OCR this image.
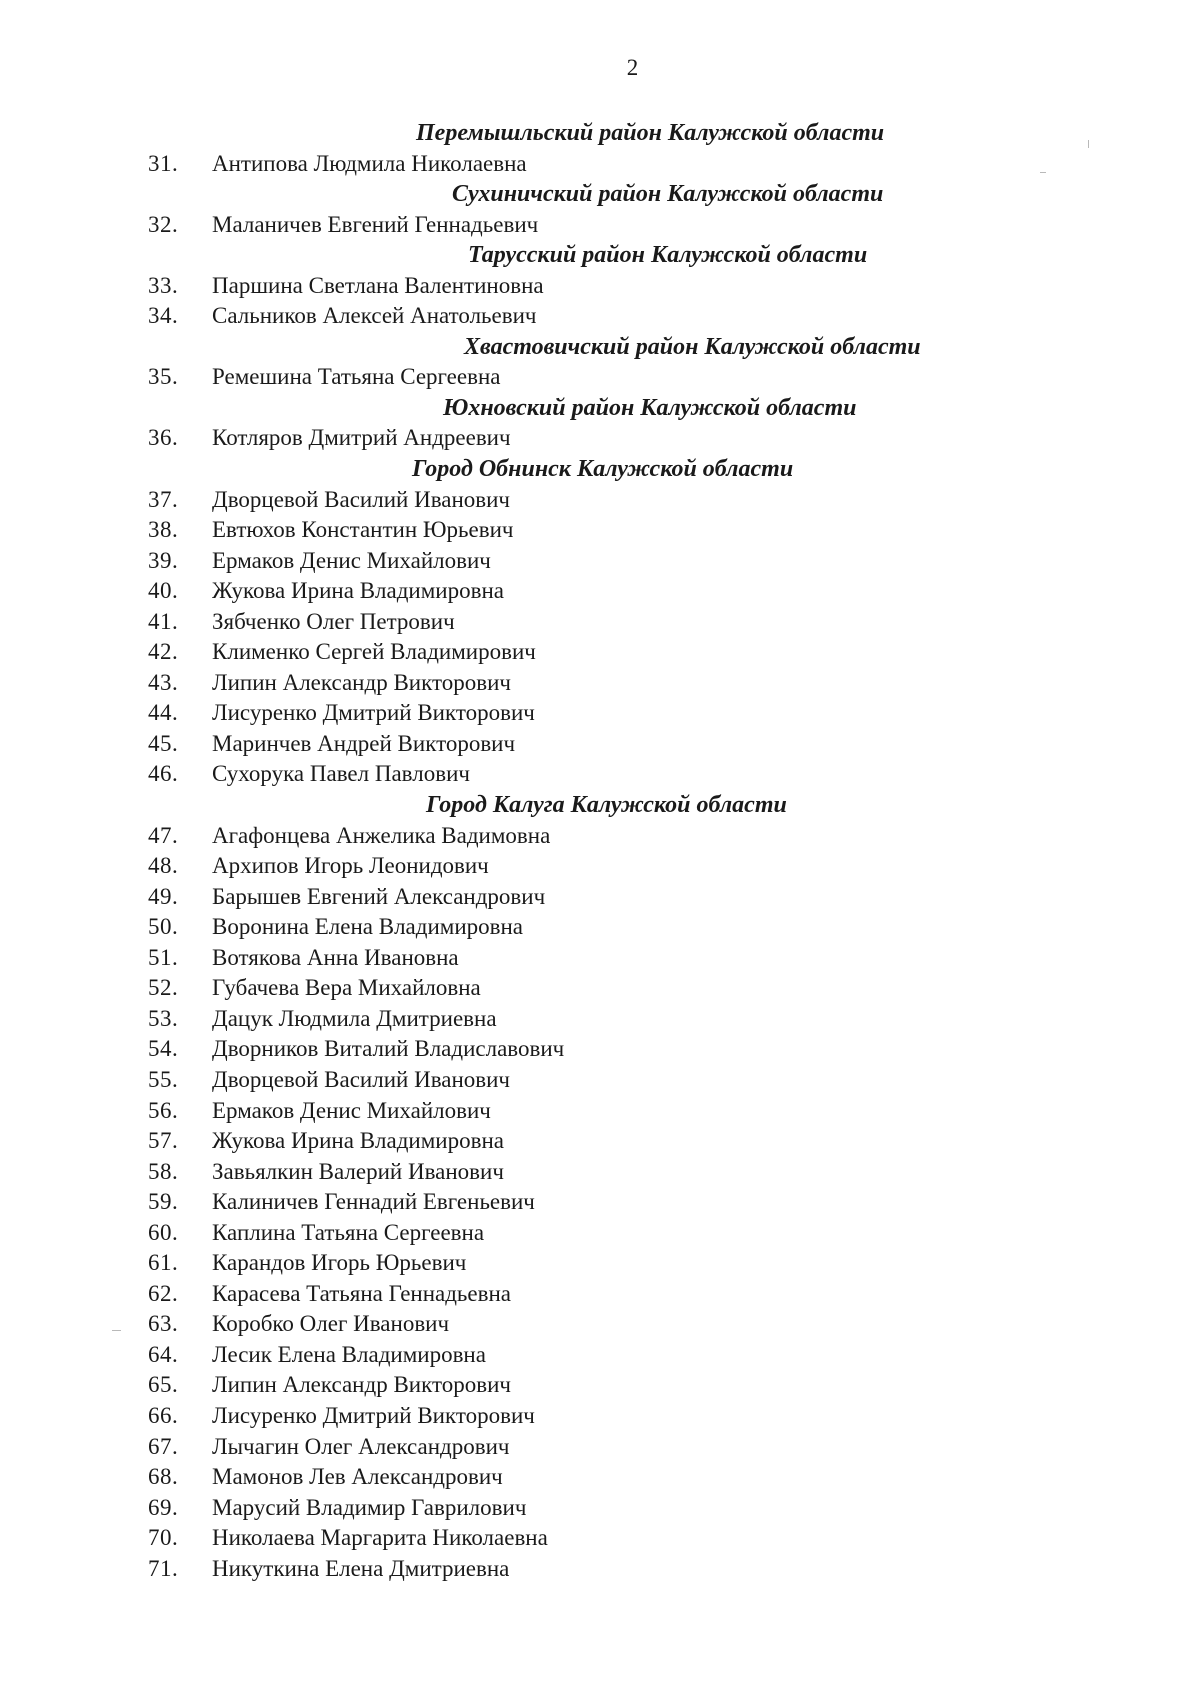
2
Перемышльский район Калужской области
31. Антипова Людмила Николаевна
Сухиничский район Калужской области
32. Маланичев Евгений Геннадьевич
Тарусский район Калужской области
33. Паршина Светлана Валентиновна
34. Сальников Алексей Анатольевич
Хвастовичский район Калужской области
35. Ремешина Татьяна Сергеевна
Юхновский район Калужской области
36. Котляров Дмитрий Андреевич
Город Обнинск Калужской области
37. Дворцевой Василий Иванович
38. Евтюхов Константин Юрьевич
39. Ермаков Денис Михайлович
40. Жукова Ирина Владимировна
41. Зябченко Олег Петрович
42. Клименко Сергей Владимирович
43. Липин Александр Викторович
44. Лисуренко Дмитрий Викторович
45. Маринчев Андрей Викторович
46. Сухорука Павел Павлович
Город Калуга Калужской области
47. Агафонцева Анжелика Вадимовна
48. Архипов Игорь Леонидович
49. Барышев Евгений Александрович
50. Воронина Елена Владимировна
51. Вотякова Анна Ивановна
52. Губачева Вера Михайловна
53. Дацук Людмила Дмитриевна
54. Дворников Виталий Владиславович
55. Дворцевой Василий Иванович
56. Ермаков Денис Михайлович
57. Жукова Ирина Владимировна
58. Завьялкин Валерий Иванович
59. Калиничев Геннадий Евгеньевич
60. Каплина Татьяна Сергеевна
61. Карандов Игорь Юрьевич
62. Карасева Татьяна Геннадьевна
63. Коробко Олег Иванович
64. Лесик Елена Владимировна
65. Липин Александр Викторович
66. Лисуренко Дмитрий Викторович
67. Лычагин Олег Александрович
68. Мамонов Лев Александрович
69. Марусий Владимир Гаврилович
70. Николаева Маргарита Николаевна
71. Никуткина Елена Дмитриевна
